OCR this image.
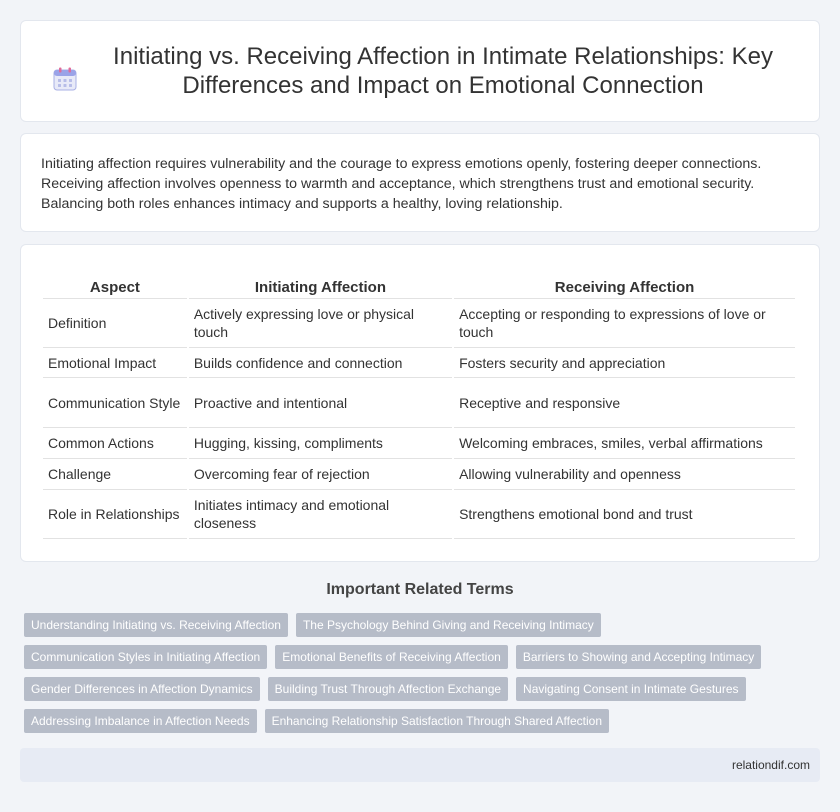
Initiating vs. Receiving Affection in Intimate Relationships: Key Differences and Impact on Emotional Connection

Initiating affection requires vulnerability and the courage to express emotions openly, fostering deeper connections. Receiving affection involves openness to warmth and acceptance, which strengthens trust and emotional security. Balancing both roles enhances intimacy and supports a healthy, loving relationship.

Aspect	Initiating Affection	Receiving Affection
Definition	Actively expressing love or physical touch	Accepting or responding to expressions of love or touch
Emotional Impact	Builds confidence and connection	Fosters security and appreciation
Communication Style	Proactive and intentional	Receptive and responsive
Common Actions	Hugging, kissing, compliments	Welcoming embraces, smiles, verbal affirmations
Challenge	Overcoming fear of rejection	Allowing vulnerability and openness
Role in Relationships	Initiates intimacy and emotional closeness	Strengthens emotional bond and trust
Important Related Terms
Understanding Initiating vs. Receiving Affection	The Psychology Behind Giving and Receiving Intimacy
Communication Styles in Initiating Affection	Emotional Benefits of Receiving Affection	Barriers to Showing and Accepting Intimacy
Gender Differences in Affection Dynamics	Building Trust Through Affection Exchange	Navigating Consent in Intimate Gestures
Addressing Imbalance in Affection Needs	Enhancing Relationship Satisfaction Through Shared Affection
relationdif.com
